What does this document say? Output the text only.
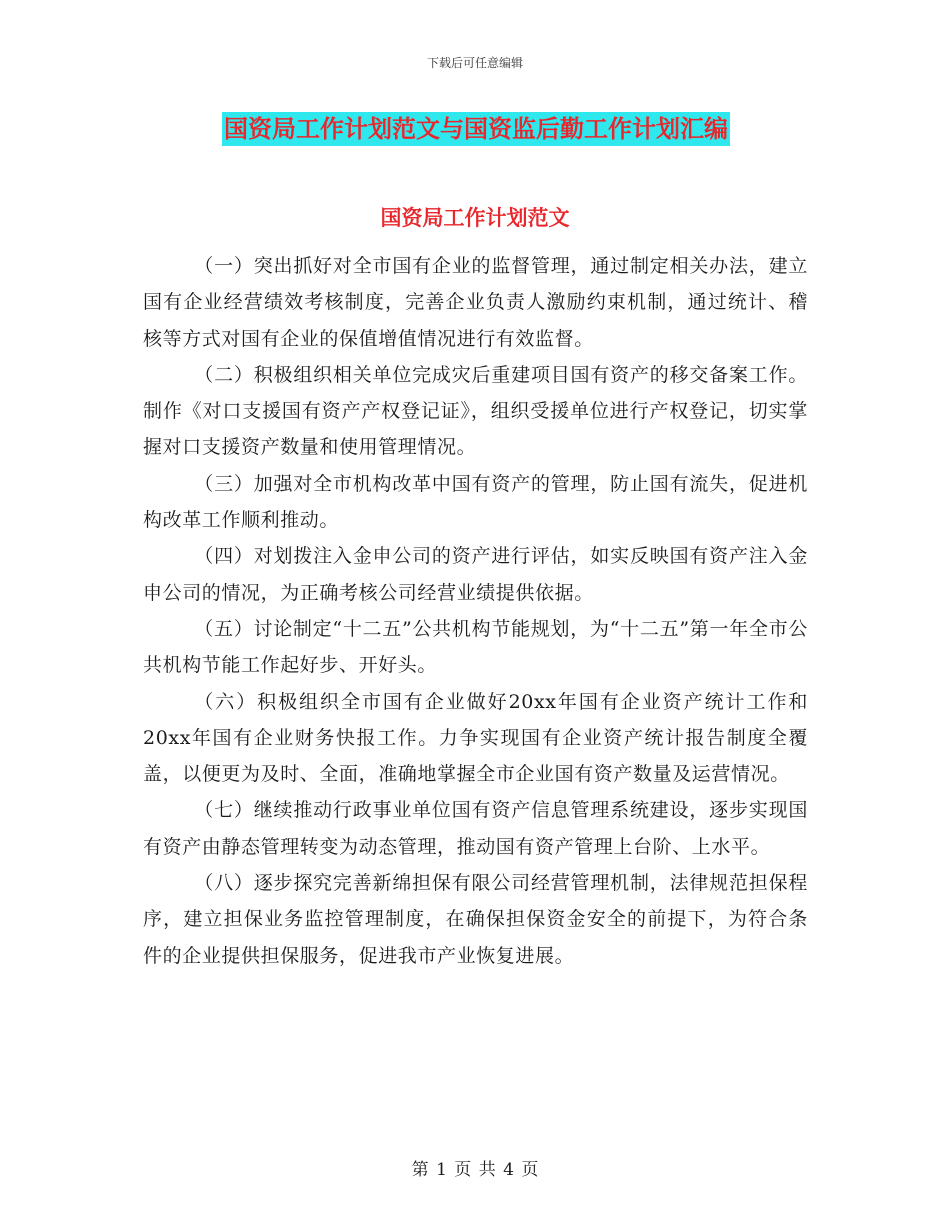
下载后可任意编辑
国资局工作计划范文与国资监后勤工作计划汇编
国资局工作计划范文

（一）突出抓好对全市国有企业的监督管理，通过制定相关办法，建立国有企业经营绩效考核制度，完善企业负责人激励约束机制，通过统计、稽核等方式对国有企业的保值增值情况进行有效监督。

（二）积极组织相关单位完成灾后重建项目国有资产的移交备案工作。制作《对口支援国有资产产权登记证》，组织受援单位进行产权登记，切实掌握对口支援资产数量和使用管理情况。

（三）加强对全市机构改革中国有资产的管理，防止国有流失，促进机构改革工作顺利推动。

（四）对划拨注入金申公司的资产进行评估，如实反映国有资产注入金申公司的情况，为正确考核公司经营业绩提供依据。

（五）讨论制定“十二五”公共机构节能规划，为“十二五”第一年全市公共机构节能工作起好步、开好头。

（六）积极组织全市国有企业做好20xx年国有企业资产统计工作和20xx年国有企业财务快报工作。力争实现国有企业资产统计报告制度全覆盖，以便更为及时、全面，准确地掌握全市企业国有资产数量及运营情况。

（七）继续推动行政事业单位国有资产信息管理系统建设，逐步实现国有资产由静态管理转变为动态管理，推动国有资产管理上台阶、上水平。

（八）逐步探究完善新绵担保有限公司经营管理机制，法律规范担保程序，建立担保业务监控管理制度，在确保担保资金安全的前提下，为符合条件的企业提供担保服务，促进我市产业恢复进展。

第 1 页 共 4 页
